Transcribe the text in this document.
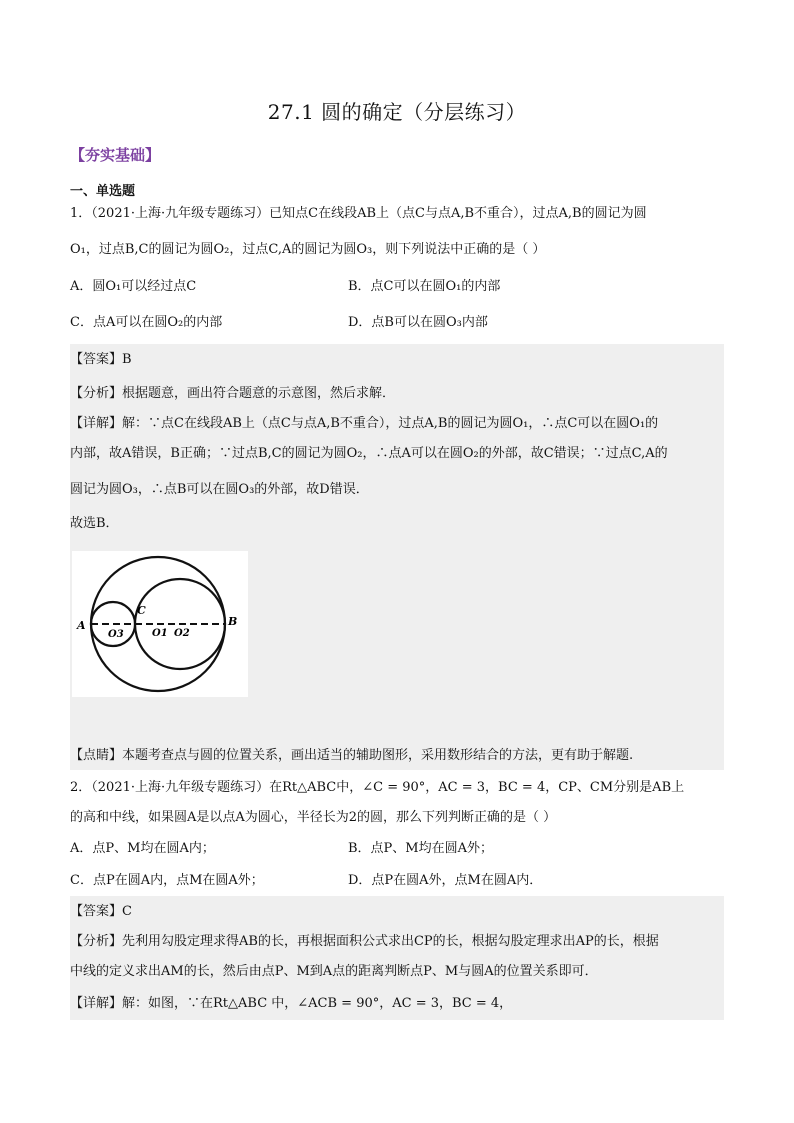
27.1 圆的确定（分层练习）
【夯实基础】
一、单选题
1．（2021·上海·九年级专题练习）已知点C在线段AB上（点C与点A,B不重合），过点A,B的圆记为圆
O₁，过点B,C的圆记为圆O₂，过点C,A的圆记为圆O₃，则下列说法中正确的是（ ）
A．圆O₁可以经过点C	B．点C可以在圆O₁的内部
C．点A可以在圆O₂的内部	D．点B可以在圆O₃内部
【答案】B
【分析】根据题意，画出符合题意的示意图，然后求解．
【详解】解：∵点C在线段AB上（点C与点A,B不重合），过点A,B的圆记为圆O₁，∴点C可以在圆O₁的
内部，故A错误，B正确；∵过点B,C的圆记为圆O₂，∴点A可以在圆O₂的外部，故C错误；∵过点C,A的
圆记为圆O₃，∴点B可以在圆O₃的外部，故D错误．
故选B．
A	B
C
O3	O1 O2
【点睛】本题考查点与圆的位置关系，画出适当的辅助图形，采用数形结合的方法，更有助于解题.
2．（2021·上海·九年级专题练习）在Rt△ABC中，∠C = 90°，AC = 3，BC = 4，CP、CM分别是AB上
的高和中线，如果圆A是以点A为圆心，半径长为2的圆，那么下列判断正确的是（ ）
A．点P、M均在圆A内；	B．点P、M均在圆A外；
C．点P在圆A内，点M在圆A外；	D．点P在圆A外，点M在圆A内．
【答案】C
【分析】先利用勾股定理求得AB的长，再根据面积公式求出CP的长，根据勾股定理求出AP的长，根据
中线的定义求出AM的长，然后由点P、M到A点的距离判断点P、M与圆A的位置关系即可．
【详解】解：如图，∵在Rt△ABC 中，∠ACB = 90°，AC = 3，BC = 4，
